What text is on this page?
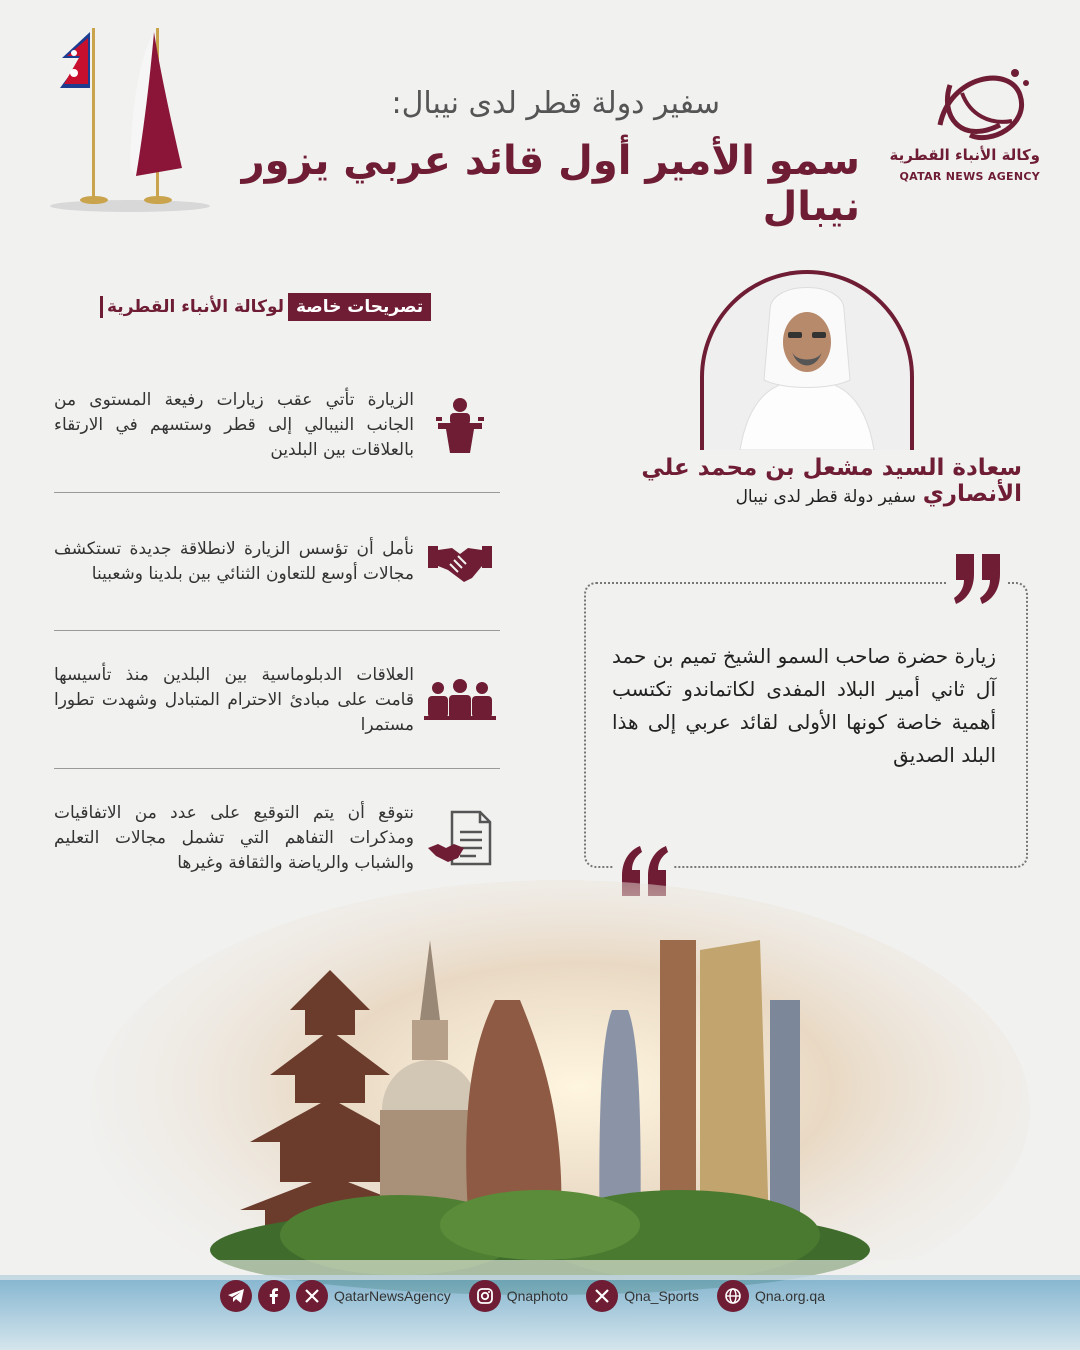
سفير دولة قطر لدى نيبال:
سمو الأمير أول قائد عربي يزور نيبال
وكالة الأنباء القطرية
QATAR NEWS AGENCY
تصريحات خاصة
لوكالة الأنباء القطرية
الزيارة تأتي عقب زيارات رفيعة المستوى من الجانب النيبالي إلى قطر وستسهم في الارتقاء بالعلاقات بين البلدين
نأمل أن تؤسس الزيارة لانطلاقة جديدة تستكشف مجالات أوسع للتعاون الثنائي بين بلدينا وشعبينا
العلاقات الدبلوماسية بين البلدين منذ تأسيسها قامت على مبادئ الاحترام المتبادل وشهدت تطورا مستمرا
نتوقع أن يتم التوقيع على عدد من الاتفاقيات ومذكرات التفاهم التي تشمل مجالات التعليم والشباب والرياضة والثقافة وغيرها
سعادة السيد مشعل بن محمد علي الأنصاري
سفير دولة قطر لدى نيبال
زيارة حضرة صاحب السمو الشيخ تميم بن حمد آل ثاني أمير البلاد المفدى لكاتماندو تكتسب أهمية خاصة كونها الأولى لقائد عربي إلى هذا البلد الصديق
QatarNewsAgency	Qnaphoto	Qna_Sports	Qna.org.qa
